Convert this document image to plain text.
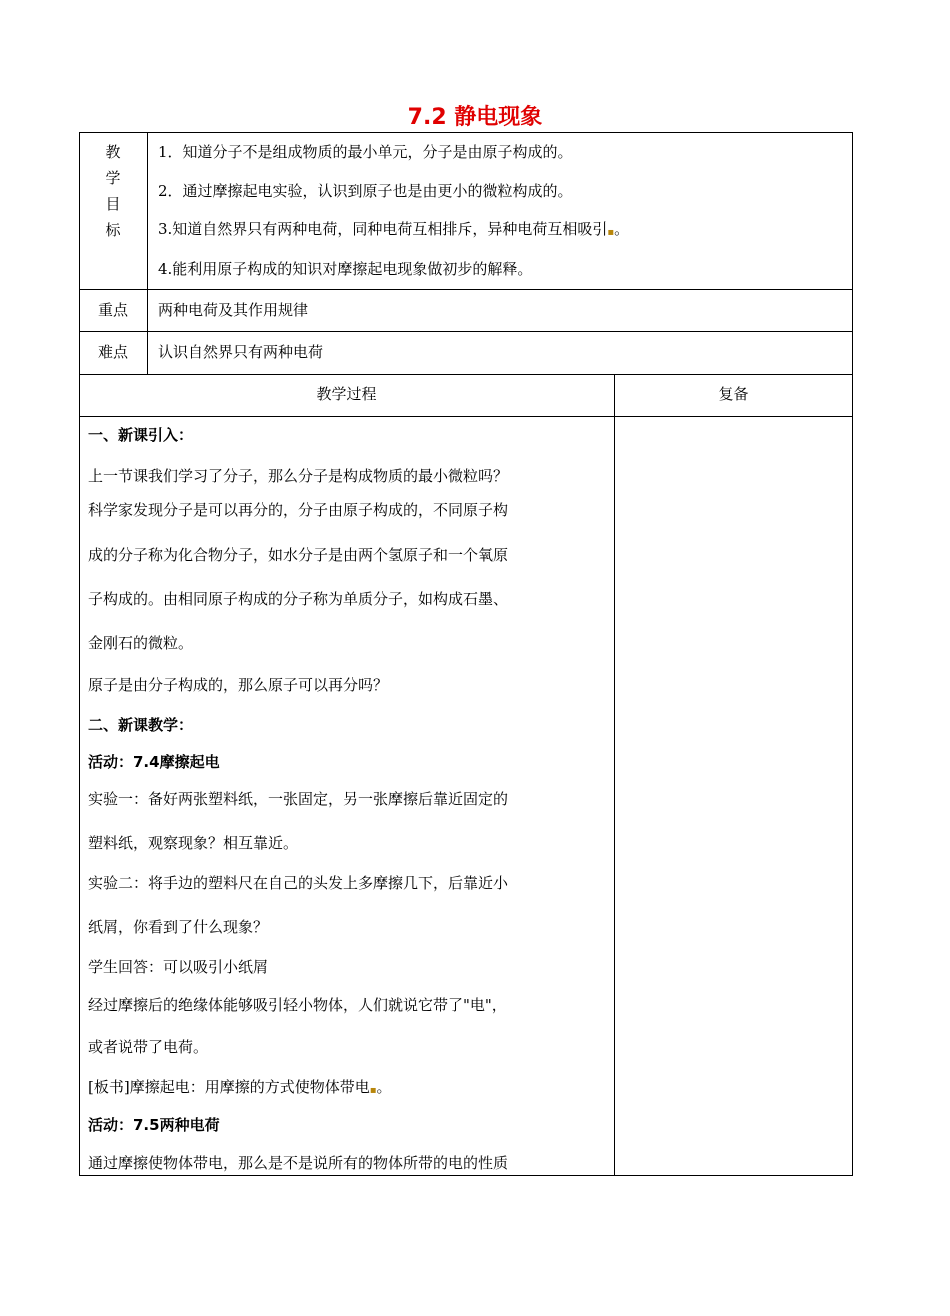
7.2 静电现象
教
学
目
标
1．知道分子不是组成物质的最小单元，分子是由原子构成的。
2．通过摩擦起电实验，认识到原子也是由更小的微粒构成的。
3.知道自然界只有两种电荷，同种电荷互相排斥，异种电荷互相吸引▪。
4.能利用原子构成的知识对摩擦起电现象做初步的解释。
重点	两种电荷及其作用规律
难点	认识自然界只有两种电荷
教学过程	复备
一、新课引入：
上一节课我们学习了分子，那么分子是构成物质的最小微粒吗？
科学家发现分子是可以再分的，分子由原子构成的，不同原子构
成的分子称为化合物分子，如水分子是由两个氢原子和一个氧原
子构成的。由相同原子构成的分子称为单质分子，如构成石墨、
金刚石的微粒。
原子是由分子构成的，那么原子可以再分吗？
二、新课教学：
活动：7.4摩擦起电
实验一：备好两张塑料纸，一张固定，另一张摩擦后靠近固定的
塑料纸，观察现象？相互靠近。
实验二：将手边的塑料尺在自己的头发上多摩擦几下，后靠近小
纸屑，你看到了什么现象？
学生回答：可以吸引小纸屑
经过摩擦后的绝缘体能够吸引轻小物体，人们就说它带了"电"，
或者说带了电荷。
[板书]摩擦起电：用摩擦的方式使物体带电▪。
活动：7.5两种电荷
通过摩擦使物体带电，那么是不是说所有的物体所带的电的性质
